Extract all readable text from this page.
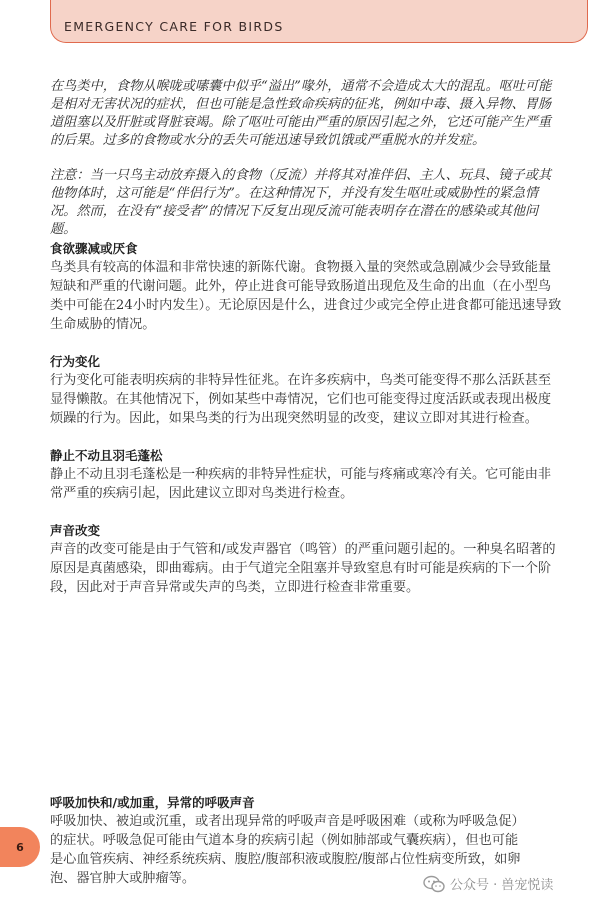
EMERGENCY CARE FOR BIRDS

在鸟类中，食物从喉咙或嗉囊中似乎“溢出”喙外，通常不会造成太大的混乱。呕吐可能是相对无害状况的症状，但也可能是急性致命疾病的征兆，例如中毒、摄入异物、胃肠道阻塞以及肝脏或肾脏衰竭。除了呕吐可能由严重的原因引起之外，它还可能产生严重的后果。过多的食物或水分的丢失可能迅速导致饥饿或严重脱水的并发症。

注意：当一只鸟主动放弃摄入的食物（反流）并将其对准伴侣、主人、玩具、镜子或其他物体时，这可能是“伴侣行为”。在这种情况下，并没有发生呕吐或威胁性的紧急情况。然而，在没有“接受者”的情况下反复出现反流可能表明存在潜在的感染或其他问题。

食欲骤减或厌食

鸟类具有较高的体温和非常快速的新陈代谢。食物摄入量的突然或急剧减少会导致能量短缺和严重的代谢问题。此外，停止进食可能导致肠道出现危及生命的出血（在小型鸟类中可能在24小时内发生）。无论原因是什么，进食过少或完全停止进食都可能迅速导致生命威胁的情况。

行为变化

行为变化可能表明疾病的非特异性征兆。在许多疾病中，鸟类可能变得不那么活跃甚至显得懒散。在其他情况下，例如某些中毒情况，它们也可能变得过度活跃或表现出极度烦躁的行为。因此，如果鸟类的行为出现突然明显的改变，建议立即对其进行检查。

静止不动且羽毛蓬松

静止不动且羽毛蓬松是一种疾病的非特异性症状，可能与疼痛或寒冷有关。它可能由非常严重的疾病引起，因此建议立即对鸟类进行检查。

声音改变

声音的改变可能是由于气管和/或发声器官（鸣管）的严重问题引起的。一种臭名昭著的原因是真菌感染，即曲霉病。由于气道完全阻塞并导致窒息有时可能是疾病的下一个阶段，因此对于声音异常或失声的鸟类，立即进行检查非常重要。

呼吸加快和/或加重，异常的呼吸声音

呼吸加快、被迫或沉重，或者出现异常的呼吸声音是呼吸困难（或称为呼吸急促）的症状。呼吸急促可能由气道本身的疾病引起（例如肺部或气囊疾病），但也可能是心血管疾病、神经系统疾病、腹腔/腹部积液或腹腔/腹部占位性病变所致，如卵泡、器官肿大或肿瘤等。

6
公众号 · 兽宠悦读
